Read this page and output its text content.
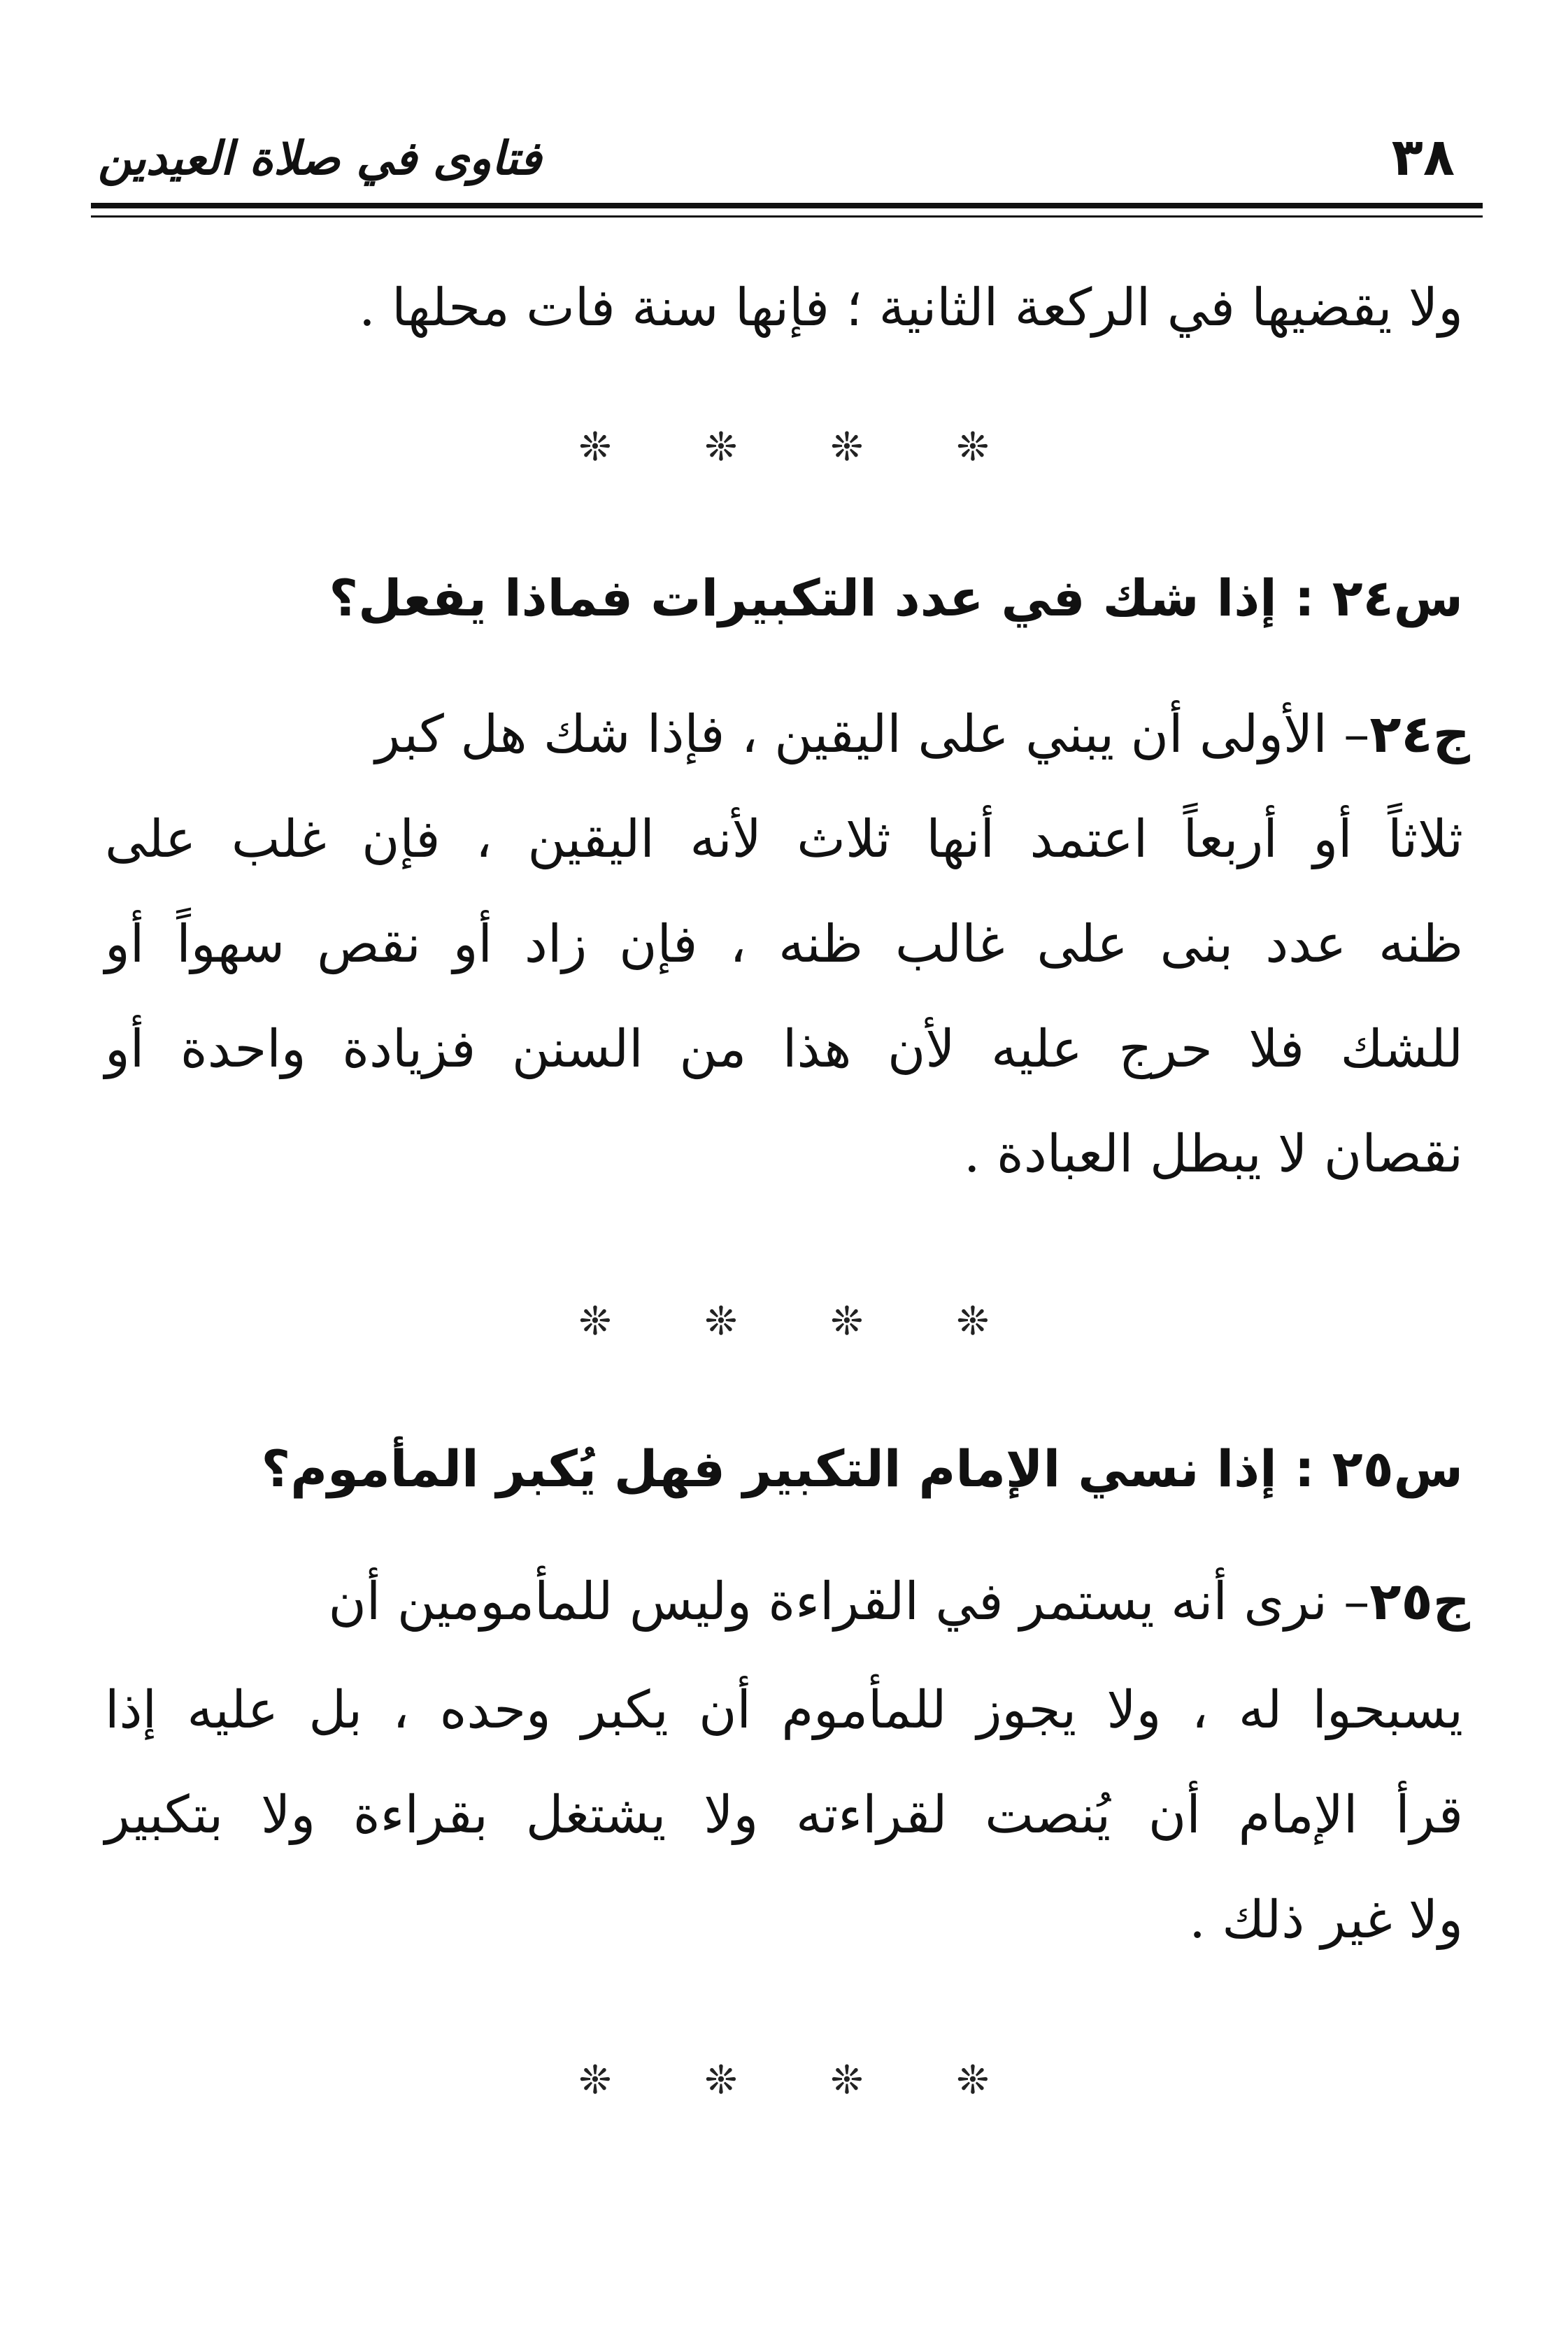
٣٨
فتاوى في صلاة العيدين
ولا يقضيها في الركعة الثانية ؛ فإنها سنة فات محلها .
❊ ❊ ❊ ❊
س٢٤ : إذا شك في عدد التكبيرات فماذا يفعل؟
ج٢٤– الأولى أن يبني على اليقين ، فإذا شك هل كبر
ثلاثاً أو أربعاً اعتمد أنها ثلاث لأنه اليقين ، فإن غلب على
ظنه عدد بنى على غالب ظنه ، فإن زاد أو نقص سهواً أو
للشك فلا حرج عليه لأن هذا من السنن فزيادة واحدة أو
نقصان لا يبطل العبادة .
❊ ❊ ❊ ❊
س٢٥ : إذا نسي الإمام التكبير فهل يُكبر المأموم؟
ج٢٥– نرى أنه يستمر في القراءة وليس للمأمومين أن
يسبحوا له ، ولا يجوز للمأموم أن يكبر وحده ، بل عليه إذا
قرأ الإمام أن يُنصت لقراءته ولا يشتغل بقراءة ولا بتكبير
ولا غير ذلك .
❊ ❊ ❊ ❊
